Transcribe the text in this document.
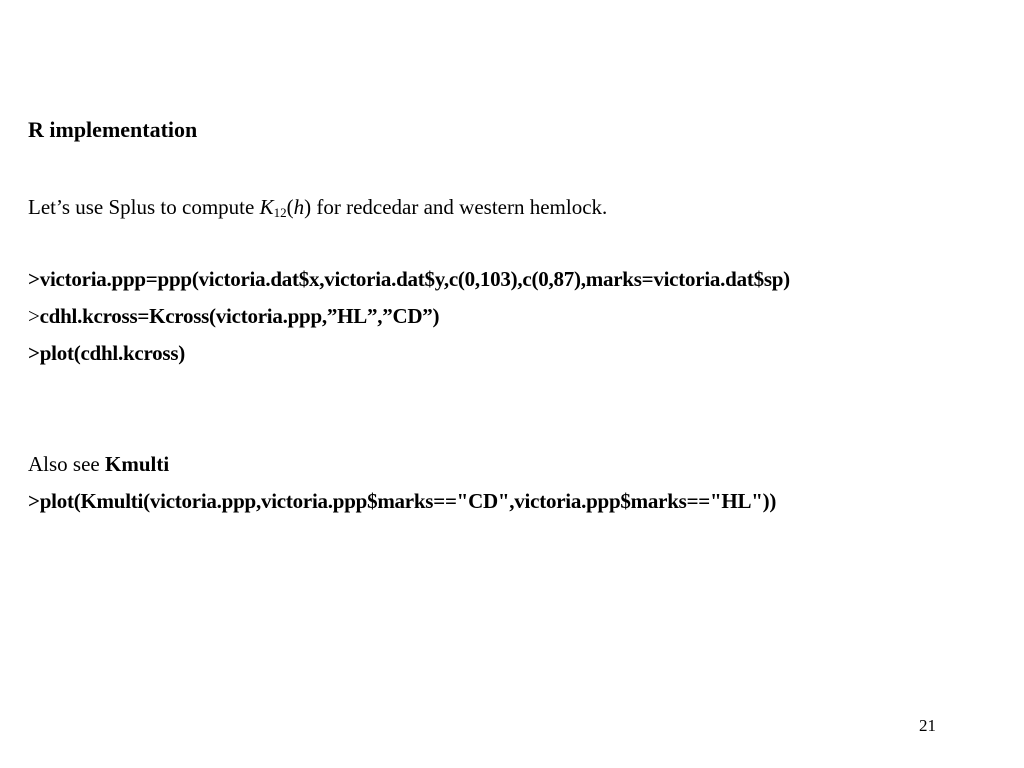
R implementation
Let’s use Splus to compute $K_{12}(h)$ for redcedar and western hemlock.
>victoria.ppp=ppp(victoria.dat$x,victoria.dat$y,c(0,103),c(0,87),marks=victoria.dat$sp)
>cdhl.kcross=Kcross(victoria.ppp,”HL”,”CD”)
>plot(cdhl.kcross)
Also see Kmulti
>plot(Kmulti(victoria.ppp,victoria.ppp$marks=="CD",victoria.ppp$marks=="HL"))
21
